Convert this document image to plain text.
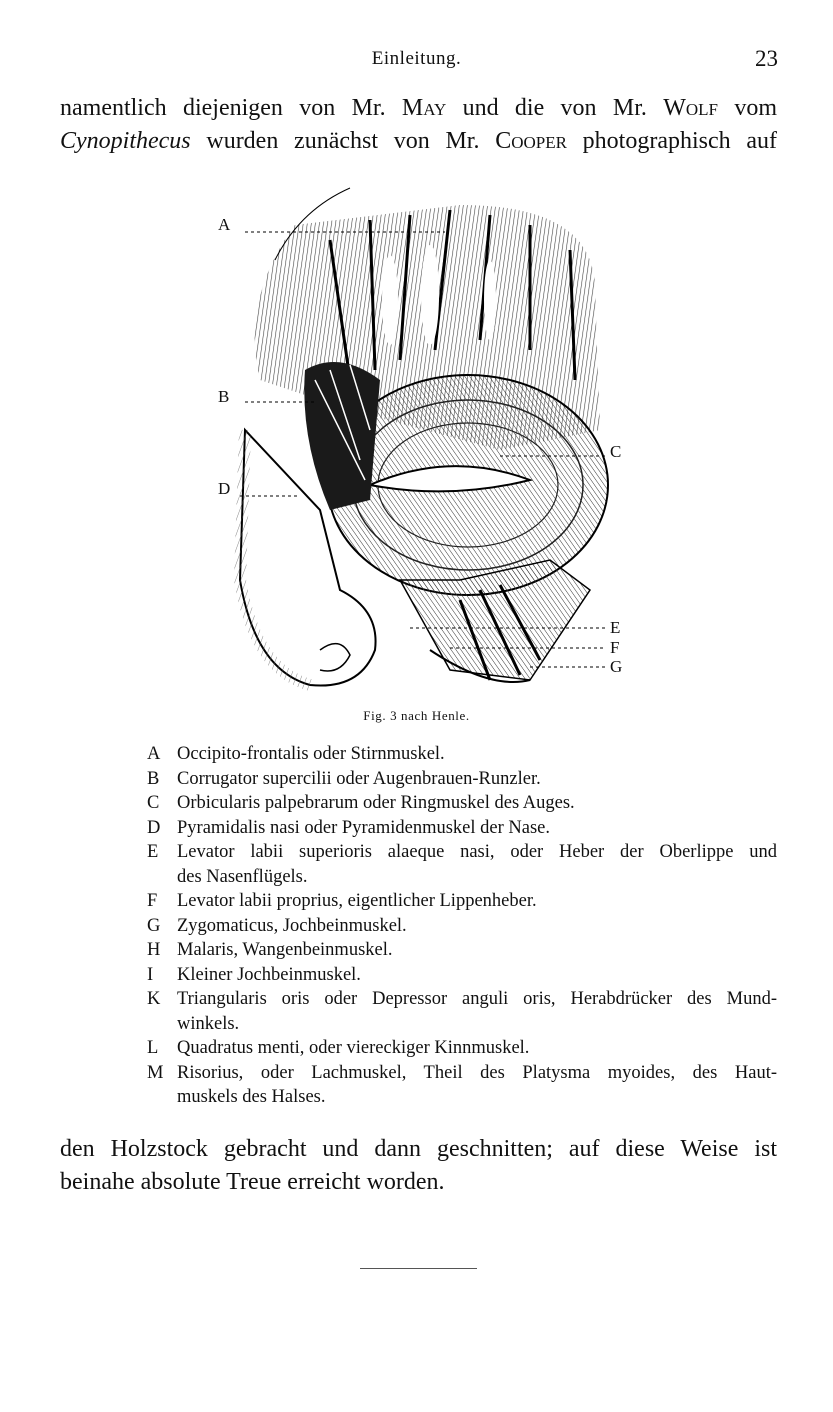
Einleitung.	23
namentlich diejenigen von Mr. May und die von Mr. Wolf vom
Cynopithecus wurden zunächst von Mr. Cooper photographisch auf
A
B
C
D
E
F
G
Fig. 3 nach Henle.
A Occipito-frontalis oder Stirnmuskel.
B Corrugator supercilii oder Augenbrauen-Runzler.
C Orbicularis palpebrarum oder Ringmuskel des Auges.
D Pyramidalis nasi oder Pyramidenmuskel der Nase.
E	Levator labii superioris alaeque nasi, oder Heber der Oberlippe und
des Nasenflügels.
F	Levator labii proprius, eigentlicher Lippenheber.
G Zygomaticus, Jochbeinmuskel.
H Malaris, Wangenbeinmuskel.
I	Kleiner Jochbeinmuskel.
K Triangularis oris oder Depressor anguli oris, Herabdrücker des Mund-
winkels.
L	Quadratus menti, oder viereckiger Kinnmuskel.
M Risorius, oder Lachmuskel, Theil des Platysma myoides, des Haut-
muskels des Halses.
den Holzstock gebracht und dann geschnitten; auf diese Weise ist
beinahe absolute Treue erreicht worden.
